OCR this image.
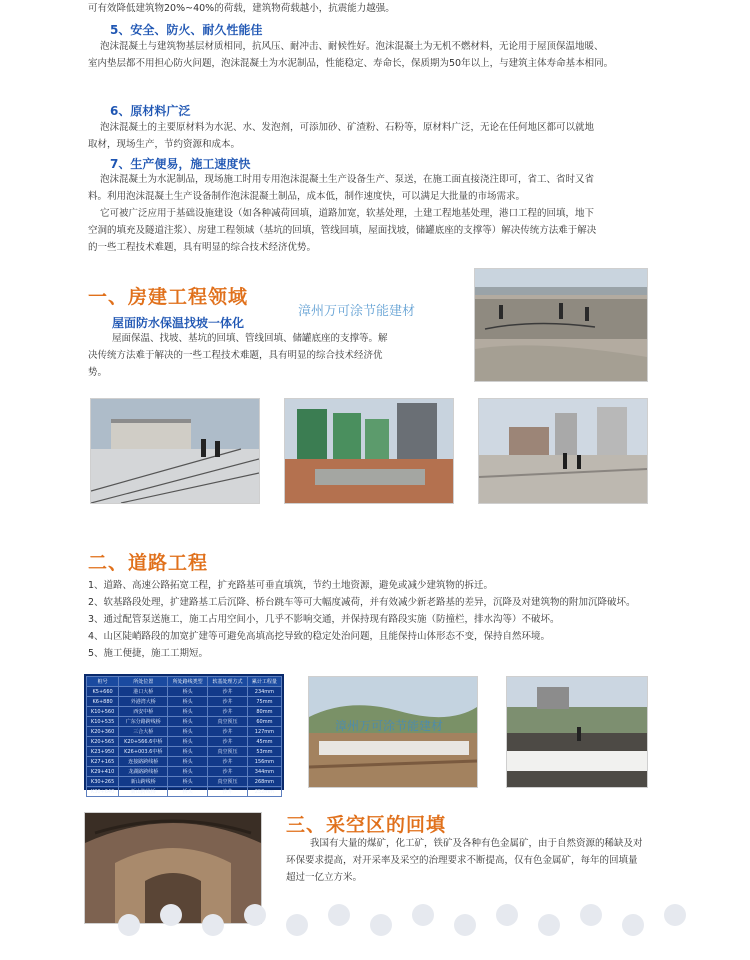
可有效降低建筑物20%~40%的荷载，建筑物荷载越小，抗震能力越强。

5、安全、防火、耐久性能佳

泡沫混凝土与建筑物基层材质相同，抗风压、耐冲击、耐候性好。泡沫混凝土为无机不燃材料，无论用于屋顶保温地暖、

室内垫层都不用担心防火问题，泡沫混凝土为水泥制品，性能稳定、寿命长，保质期为50年以上，与建筑主体寿命基本相同。

6、原材料广泛

泡沫混凝土的主要原材料为水泥、水、发泡剂，可添加砂、矿渣粉、石粉等，原材料广泛，无论在任何地区都可以就地

取材，现场生产，节约资源和成本。

7、生产便易，施工速度快

泡沫混凝土为水泥制品，现场施工时用专用泡沫混凝土生产设备生产、泵送，在施工面直接浇注即可，省工、省时又省

料。利用泡沫混凝土生产设备制作泡沫混凝土制品，成本低，制作速度快，可以满足大批量的市场需求。

它可被广泛应用于基础设施建设（如各种减荷回填，道路加宽，软基处理，土建工程地基处理，港口工程的回填，地下

空洞的填充及隧道注浆）、房建工程领域（基坑的回填，管线回填，屋面找坡，储罐底座的支撑等）解决传统方法难于解决

的一些工程技术难题，具有明显的综合技术经济优势。

一、房建工程领域
漳州万可涂节能建材
屋面防水保温找坡一体化

屋面保温、找坡、基坑的回填、管线回填、储罐底座的支撑等。解

决传统方法难于解决的一些工程技术难题，具有明显的综合技术经济优

势。

二、道路工程

1、道路、高速公路拓宽工程，扩充路基可垂直填筑，节约土地资源，避免或减少建筑物的拆迁。

2、软基路段处理，扩建路基工后沉降、桥台跳车等可大幅度减荷，并有效减少新老路基的差异，沉降及对建筑物的附加沉降破坏。

3、通过配管泵送施工，施工占用空间小，几乎不影响交通，并保持现有路段实施（防撞栏，排水沟等）不破坏。

4、山区陡峭路段的加宽扩建等可避免高填高挖导致的稳定处治问题，且能保持山体形态不变，保持自然环境。

5、施工便捷，施工工期短。

桩号	所处位置	所处路线类型	软基处理方式	累计工程量
K5+660	港口大桥	桥头	沙井	234mm
K6+880	外港湾大桥	桥头	沙井	75mm
K10+560	西安中桥	桥头	沙井	80mm
K10+535	广东分路跨线桥	桥头	真空预压	60mm
K20+360	三合大桥	桥头	沙井	127mm
K20+565	K20+566.6中桥	桥头	沙井	45mm
K23+950	K26+003.6中桥	桥头	真空预压	53mm
K27+165	连接路跨线桥	桥头	沙井	156mm
K29+410	龙湖路跨线桥	桥头	沙井	344mm
K30+265	新山跨线桥	桥头	真空预压	268mm
K30+640	新山跨线桥	桥头	沙井	252mm
漳州万可涂节能建材
三、采空区的回填

我国有大量的煤矿，化工矿，铁矿及各种有色金属矿，由于自然资源的稀缺及对

环保要求提高，对开采率及采空的治理要求不断提高，仅有色金属矿，每年的回填量

超过一亿立方米。
